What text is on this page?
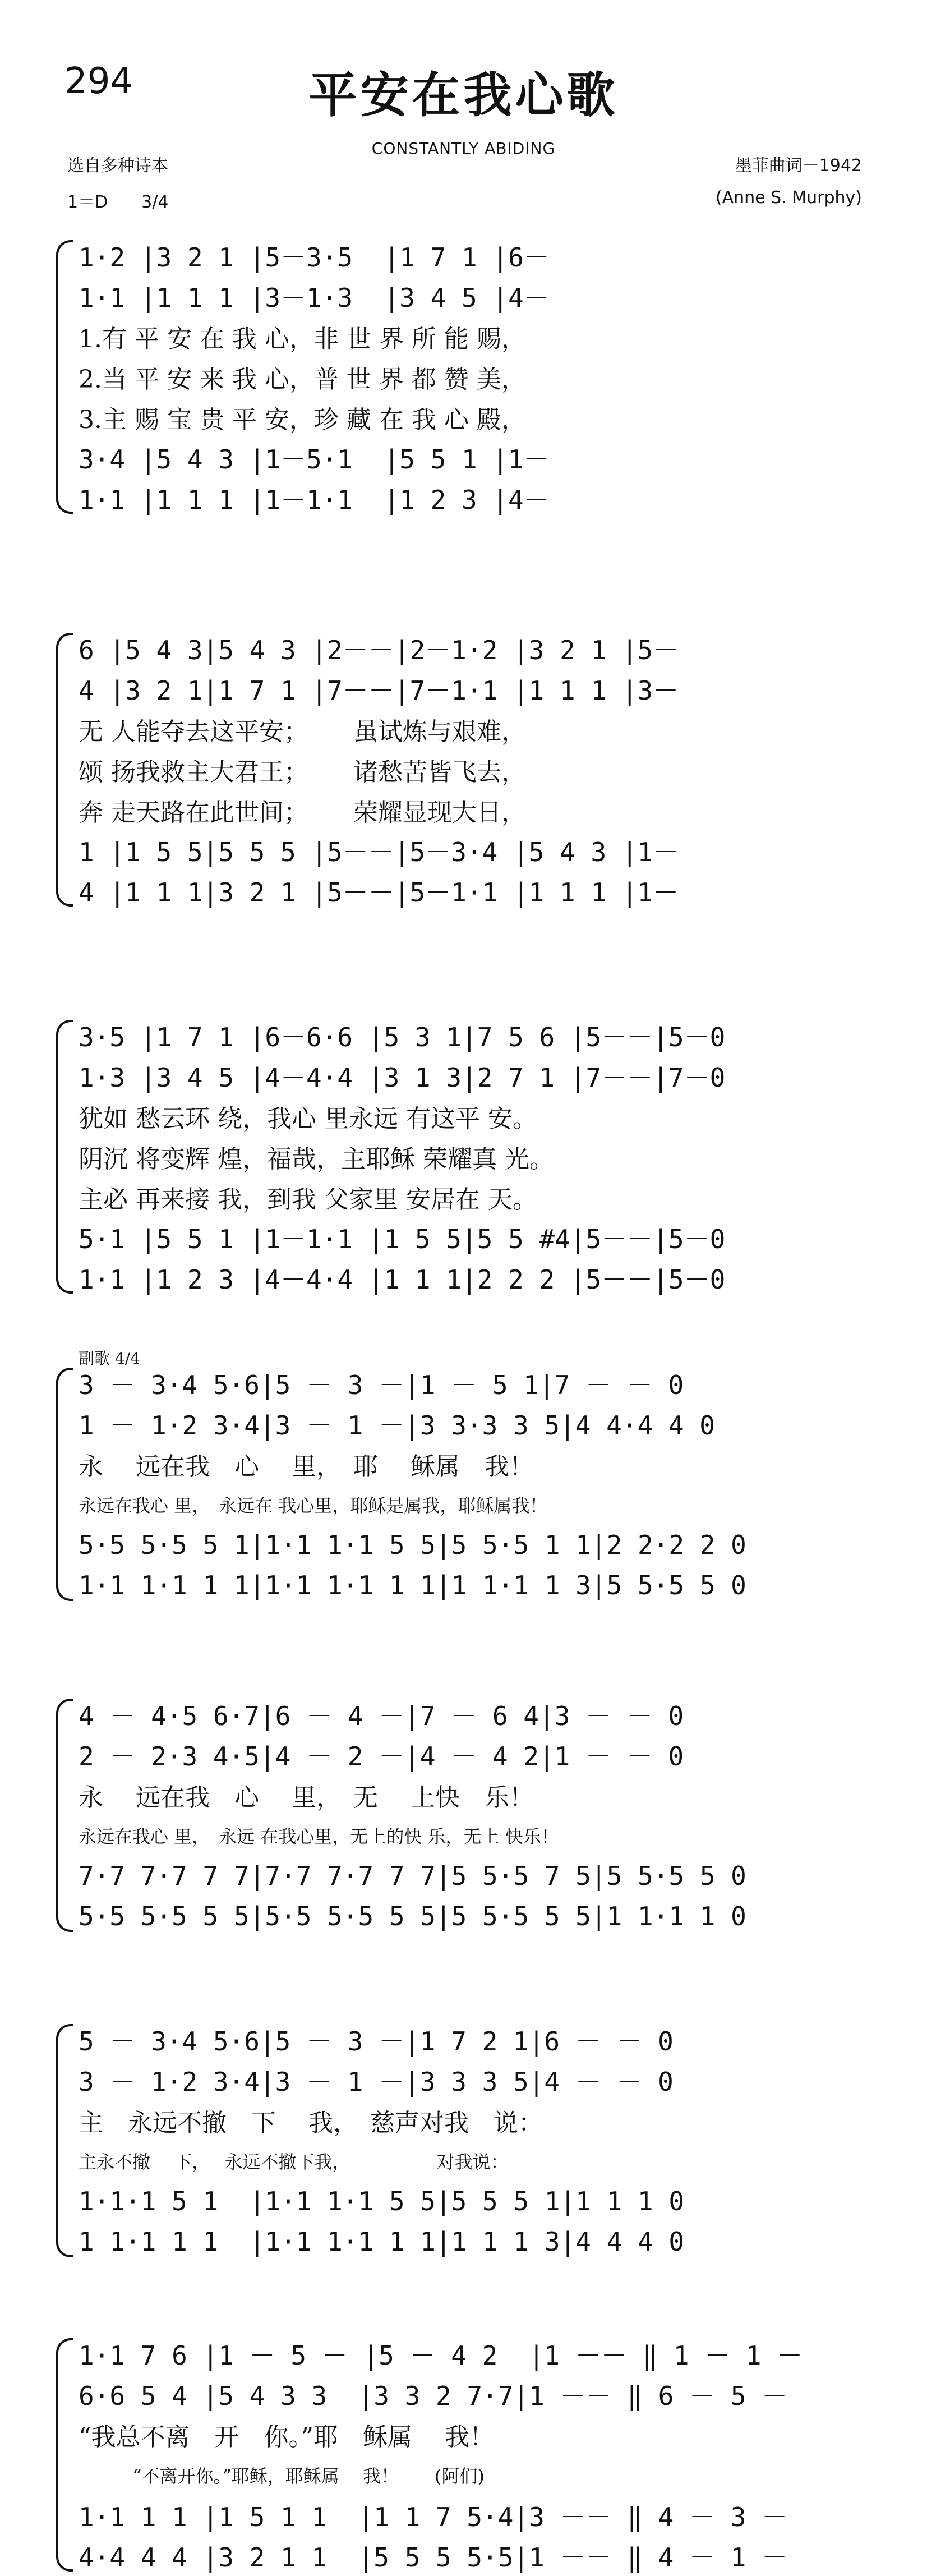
294	平安在我心歌
CONSTANTLY ABIDING
选自多种诗本
1＝D　　3/4
墨菲曲词－1942
(Anne S. Murphy)
1·2 |3 2 1 |5－3·5  |1 7 1 |6－
1·1 |1 1 1 |3－1·3  |3 4 5 |4－
1.有 平 安 在 我 心，非 世 界 所 能 赐，
2.当 平 安 来 我 心，普 世 界 都 赞 美，
3.主 赐 宝 贵 平 安，珍 藏 在 我 心 殿，
3·4 |5 4 3 |1－5·1  |5 5 1 |1－
1·1 |1 1 1 |1－1·1  |1 2 3 |4－
6 |5 4 3|5 4 3 |2－－|2－1·2 |3 2 1 |5－
4 |3 2 1|1 7 1 |7－－|7－1·1 |1 1 1 |3－
无 人能夺去这平安；　　 虽试炼与艰难，
颂 扬我救主大君王；　　 诸愁苦皆飞去，
奔 走天路在此世间；　　 荣耀显现大日，
1 |1 5 5|5 5 5 |5－－|5－3·4 |5 4 3 |1－
4 |1 1 1|3 2 1 |5－－|5－1·1 |1 1 1 |1－
3·5 |1 7 1 |6－6·6 |5 3 1|7 5 6 |5－－|5－0
1·3 |3 4 5 |4－4·4 |3 1 3|2 7 1 |7－－|7－0
犹如 愁云环 绕，我心 里永远 有这平 安。
阴沉 将变辉 煌，福哉，主耶稣 荣耀真 光。
主必 再来接 我，到我 父家里 安居在 天。
5·1 |5 5 1 |1－1·1 |1 5 5|5 5 #4|5－－|5－0
1·1 |1 2 3 |4－4·4 |1 1 1|2 2 2 |5－－|5－0
副歌 4/4
3 － 3·4 5·6|5 － 3 －|1 － 5 1|7 － － 0
1 － 1·2 3·4|3 － 1 －|3 3·3 3 5|4 4·4 4 0
永　 远在我　心　 里，　耶　 稣属　我！
永远在我心 里，　永远在 我心里，耶稣是属我，耶稣属我！
5·5 5·5 5 1|1·1 1·1 5 5|5 5·5 1 1|2 2·2 2 0
1·1 1·1 1 1|1·1 1·1 1 1|1 1·1 1 3|5 5·5 5 0
4 － 4·5 6·7|6 － 4 －|7 － 6 4|3 － － 0
2 － 2·3 4·5|4 － 2 －|4 － 4 2|1 － － 0
永　 远在我　心　 里，　无　 上快　乐！
永远在我心 里，　永远 在我心里，无上的快 乐，无上 快乐！
7·7 7·7 7 7|7·7 7·7 7 7|5 5·5 7 5|5 5·5 5 0
5·5 5·5 5 5|5·5 5·5 5 5|5 5·5 5 5|1 1·1 1 0
5 － 3·4 5·6|5 － 3 －|1 7 2 1|6 － － 0
3 － 1·2 3·4|3 － 1 －|3 3 3 5|4 － － 0
主　永远不撤　下　 我，　慈声对我　说：
主永不撤　 下，　 永远不撤下我，　　　　　 对我说：
1·1·1 5 1  |1·1 1·1 5 5|5 5 5 1|1 1 1 0
1 1·1 1 1  |1·1 1·1 1 1|1 1 1 3|4 4 4 0
1·1 7 6 |1 － 5 － |5 － 4 2  |1 －－ ‖ 1 － 1 －
6·6 5 4 |5 4 3 3  |3 3 2 7·7|1 －－ ‖ 6 － 5 －
“我总不离　开　你。”耶　稣属　 我！
　　　“不离开你。”耶稣，耶稣属　 我！　　(阿们)
1·1 1 1 |1 5 1 1  |1 1 7 5·4|3 －－ ‖ 4 － 3 －
4·4 4 4 |3 2 1 1  |5 5 5 5·5|1 －－ ‖ 4 － 1 －
